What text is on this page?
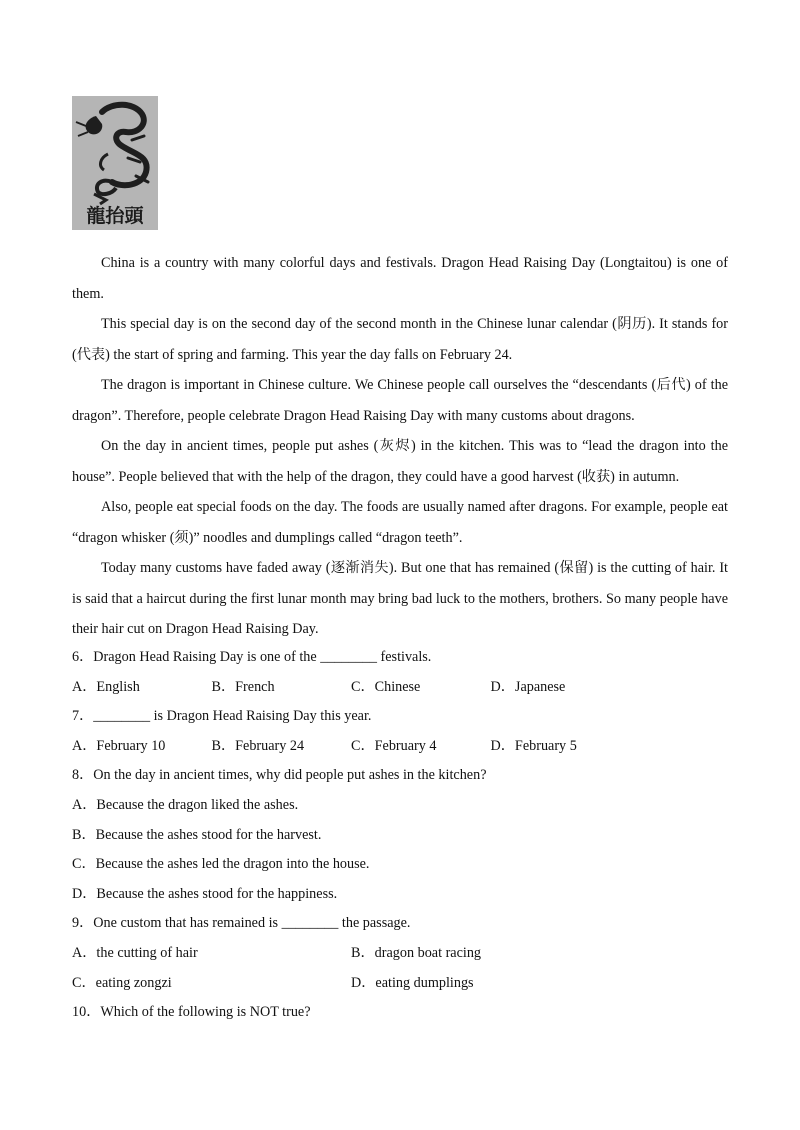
龍抬頭

China is a country with many colorful days and festivals. Dragon Head Raising Day (Longtaitou) is one of them.

This special day is on the second day of the second month in the Chinese lunar calendar (阴历). It stands for (代表) the start of spring and farming. This year the day falls on February 24.

The dragon is important in Chinese culture. We Chinese people call ourselves the “descendants (后代) of the dragon”. Therefore, people celebrate Dragon Head Raising Day with many customs about dragons.

On the day in ancient times, people put ashes (灰烬) in the kitchen. This was to “lead the dragon into the house”. People believed that with the help of the dragon, they could have a good harvest (收获) in autumn.

Also, people eat special foods on the day. The foods are usually named after dragons. For example, people eat “dragon whisker (须)” noodles and dumplings called “dragon teeth”.

Today many customs have faded away (逐渐消失). But one that has remained (保留) is the cutting of hair. It is said that a haircut during the first lunar month may bring bad luck to the mothers, brothers. So many people have their hair cut on Dragon Head Raising Day.

6．Dragon Head Raising Day is one of the ________ festivals.

A．English	B．French	C．Chinese	D．Japanese

7．________ is Dragon Head Raising Day this year.

A．February 10	B．February 24	C．February 4	D．February 5

8．On the day in ancient times, why did people put ashes in the kitchen?

A．Because the dragon liked the ashes.

B．Because the ashes stood for the harvest.

C．Because the ashes led the dragon into the house.

D．Because the ashes stood for the happiness.

9．One custom that has remained is ________ the passage.

A．the cutting of hair	B．dragon boat racing
C．eating zongzi	D．eating dumplings

10．Which of the following is NOT true?
